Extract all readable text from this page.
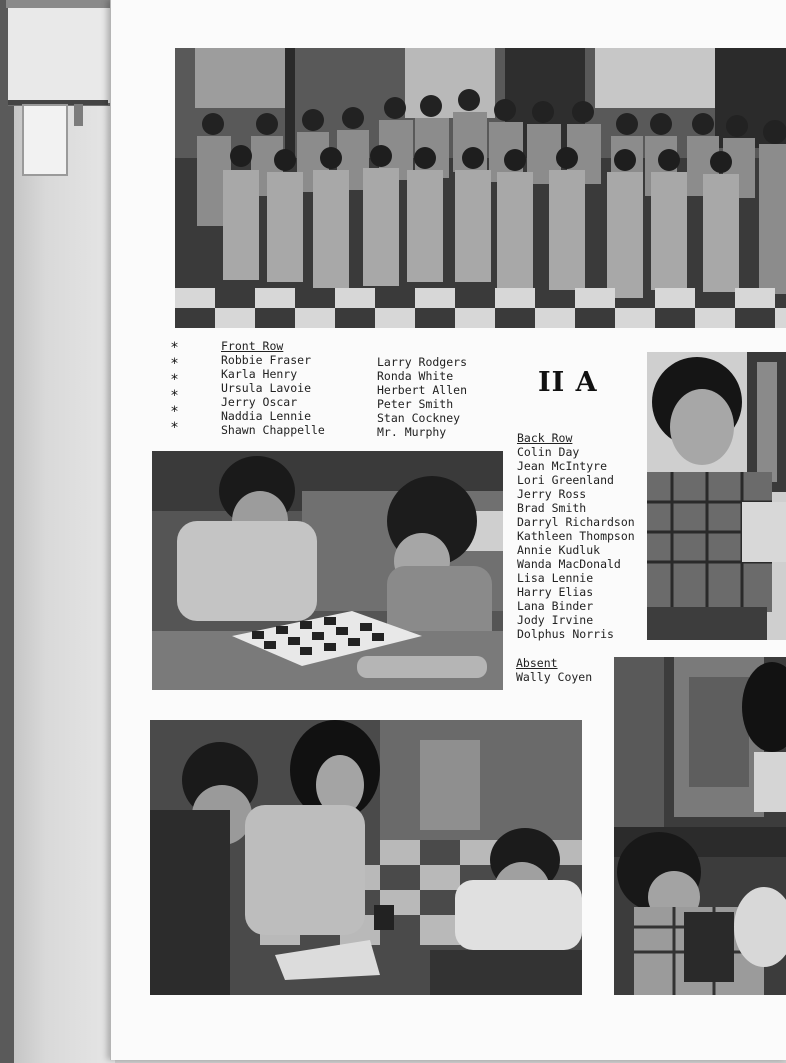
*
*
*
*
*
*
Front Row
Robbie Fraser
Karla Henry
Ursula Lavoie
Jerry Oscar
Naddia Lennie
Shawn Chappelle
Larry Rodgers
Ronda White
Herbert Allen
Peter Smith
Stan Cockney
Mr. Murphy
II A
Back Row
Colin Day
Jean McIntyre
Lori Greenland
Jerry Ross
Brad Smith
Darryl Richardson
Kathleen Thompson
Annie Kudluk
Wanda MacDonald
Lisa Lennie
Harry Elias
Lana Binder
Jody Irvine
Dolphus Norris
Absent
Wally Coyen
